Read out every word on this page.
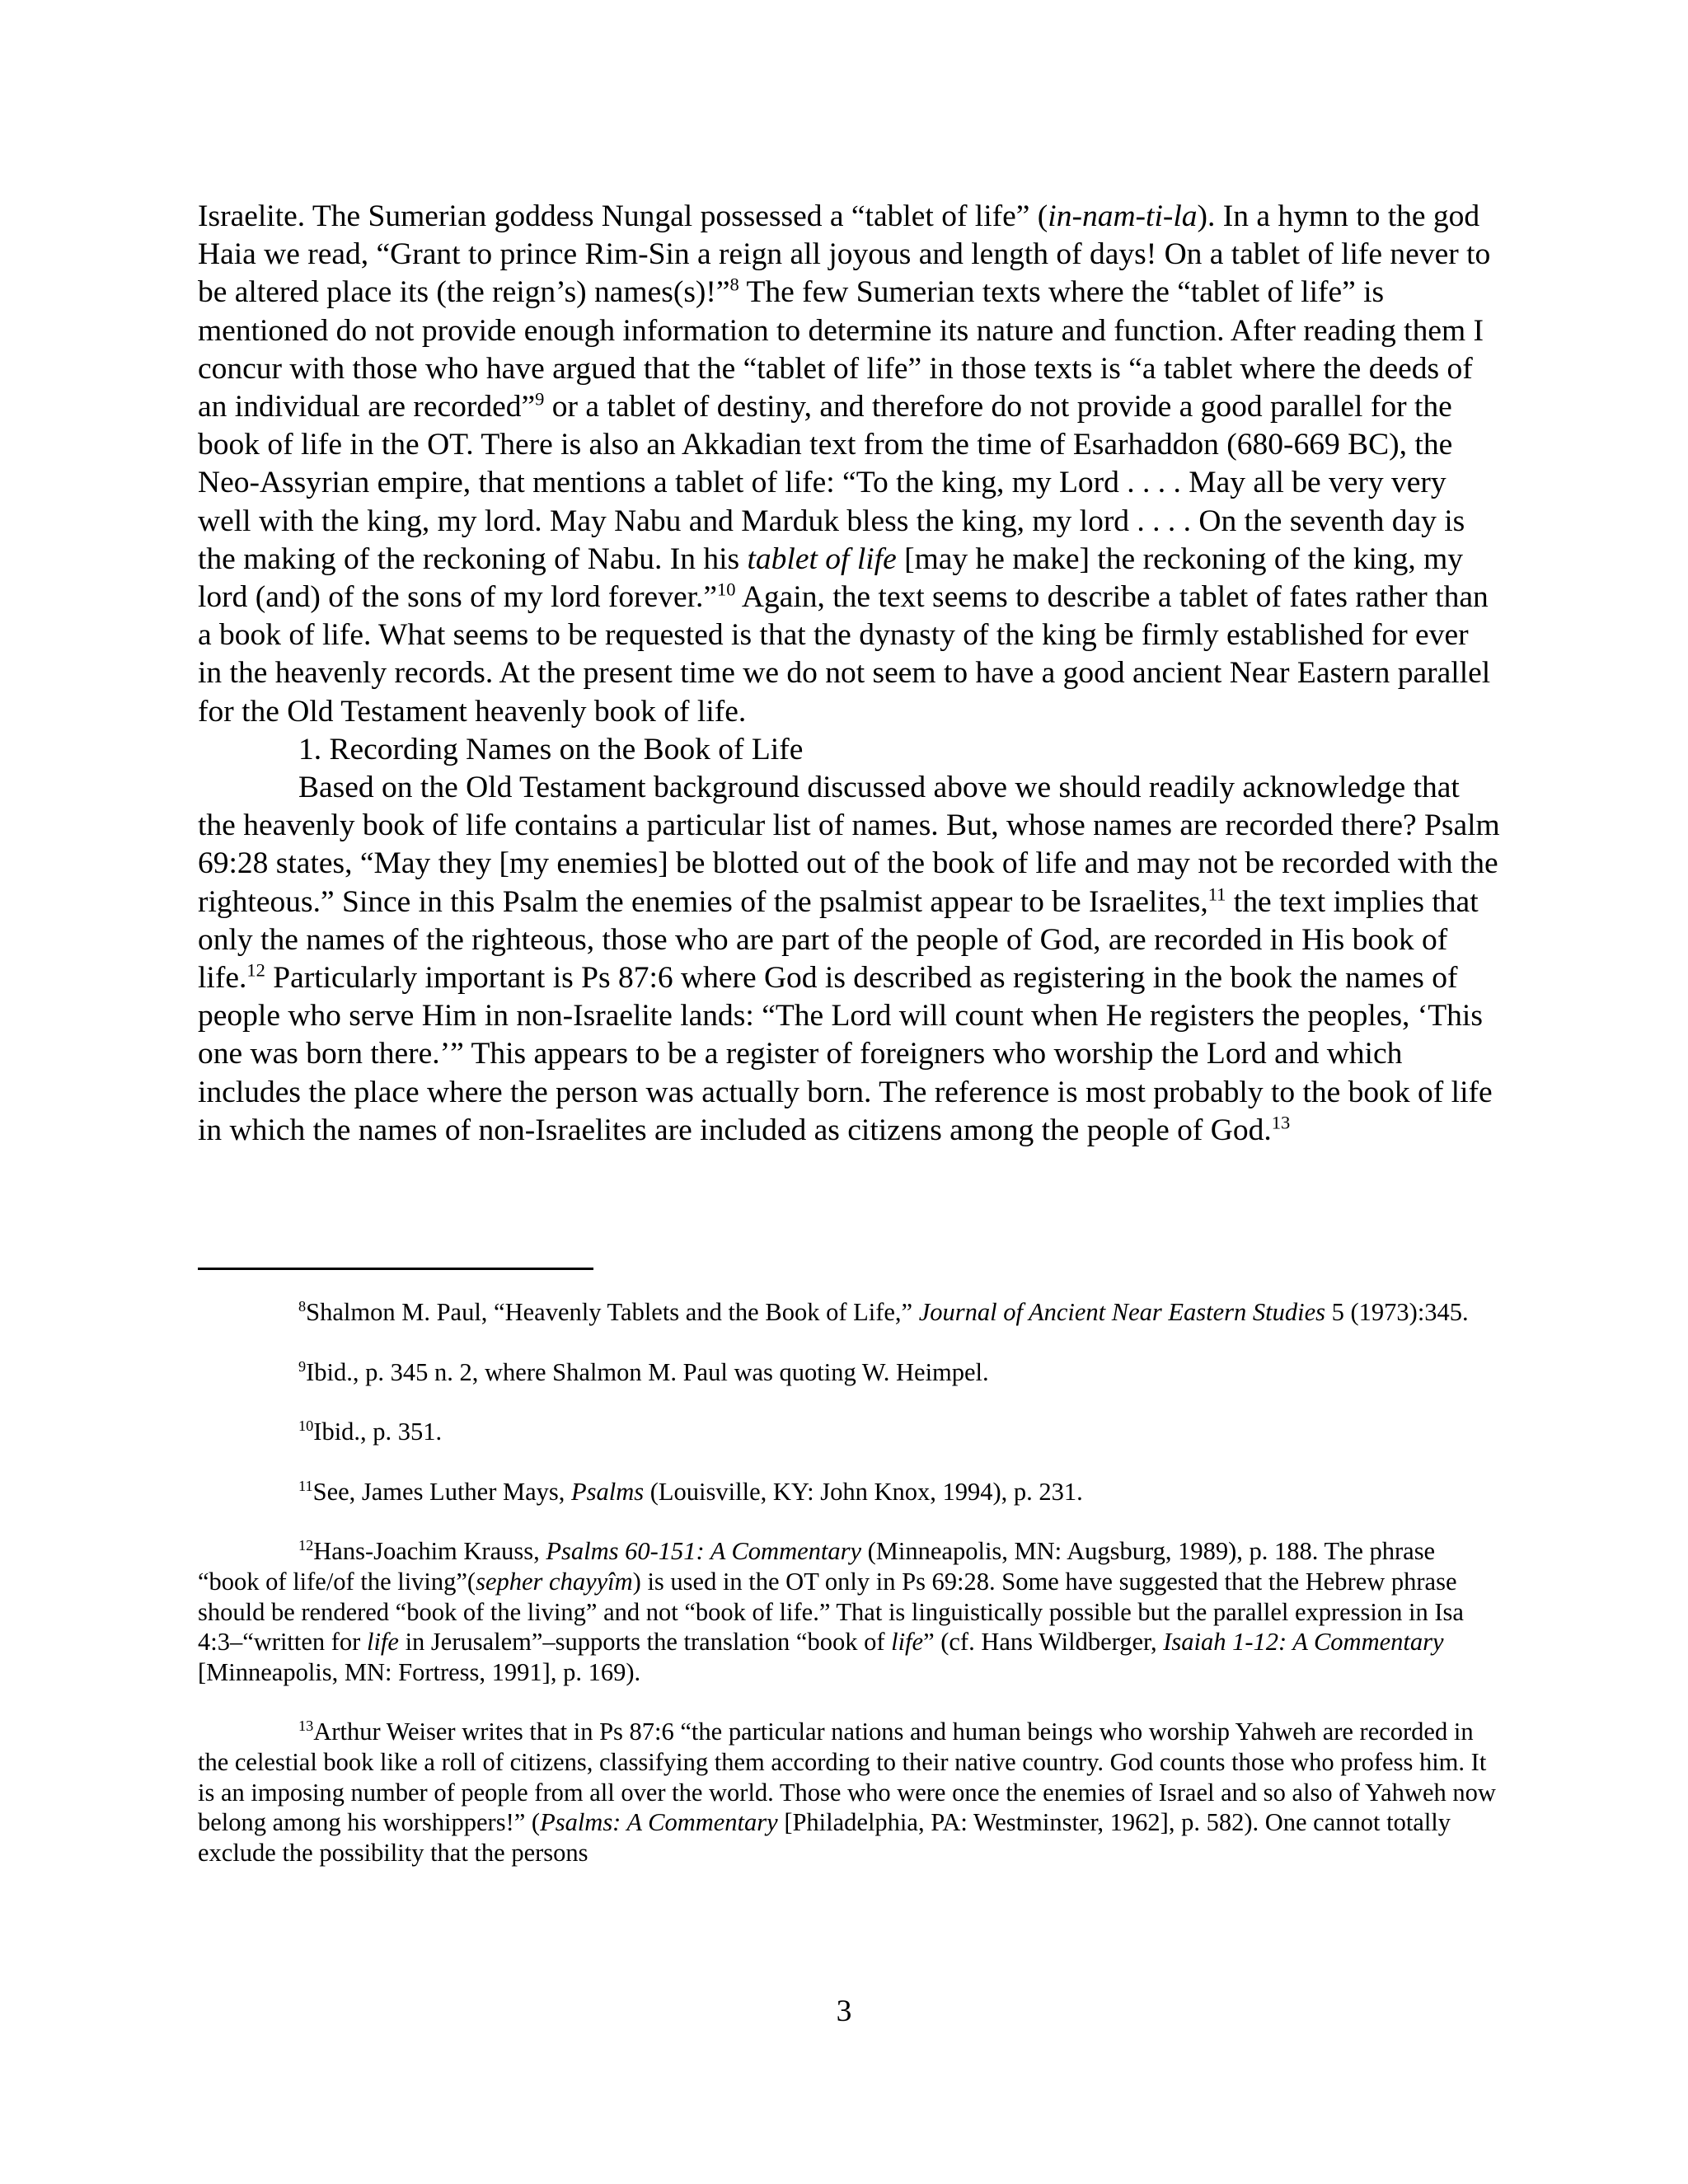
Israelite. The Sumerian goddess Nungal possessed a “tablet of life” (in-nam-ti-la). In a hymn to the god Haia we read, “Grant to prince Rim-Sin a reign all joyous and length of days! On a tablet of life never to be altered place its (the reign’s) names(s)!”$^8$ The few Sumerian texts where the “tablet of life” is mentioned do not provide enough information to determine its nature and function. After reading them I concur with those who have argued that the “tablet of life” in those texts is “a tablet where the deeds of an individual are recorded”$^9$ or a tablet of destiny, and therefore do not provide a good parallel for the book of life in the OT. There is also an Akkadian text from the time of Esarhaddon (680-669 BC), the Neo-Assyrian empire, that mentions a tablet of life: “To the king, my Lord . . . . May all be very very well with the king, my lord. May Nabu and Marduk bless the king, my lord . . . . On the seventh day is the making of the reckoning of Nabu. In his tablet of life [may he make] the reckoning of the king, my lord (and) of the sons of my lord forever.”$^{10}$ Again, the text seems to describe a tablet of fates rather than a book of life. What seems to be requested is that the dynasty of the king be firmly established for ever in the heavenly records. At the present time we do not seem to have a good ancient Near Eastern parallel for the Old Testament heavenly book of life.

1. Recording Names on the Book of Life

Based on the Old Testament background discussed above we should readily acknowledge that the heavenly book of life contains a particular list of names. But, whose names are recorded there? Psalm 69:28 states, “May they [my enemies] be blotted out of the book of life and may not be recorded with the righteous.” Since in this Psalm the enemies of the psalmist appear to be Israelites,$^{11}$ the text implies that only the names of the righteous, those who are part of the people of God, are recorded in His book of life.$^{12}$ Particularly important is Ps 87:6 where God is described as registering in the book the names of people who serve Him in non-Israelite lands: “The Lord will count when He registers the peoples, ‘This one was born there.’” This appears to be a register of foreigners who worship the Lord and which includes the place where the person was actually born. The reference is most probably to the book of life in which the names of non-Israelites are included as citizens among the people of God.$^{13}$

$^8$Shalmon M. Paul, “Heavenly Tablets and the Book of Life,” Journal of Ancient Near Eastern Studies 5 (1973):345.

$^9$Ibid., p. 345 n. 2, where Shalmon M. Paul was quoting W. Heimpel.

$^{10}$Ibid., p. 351.

$^{11}$See, James Luther Mays, Psalms (Louisville, KY: John Knox, 1994), p. 231.

$^{12}$Hans-Joachim Krauss, Psalms 60-151: A Commentary (Minneapolis, MN: Augsburg, 1989), p. 188. The phrase “book of life/of the living”(sepher chayyîm) is used in the OT only in Ps 69:28. Some have suggested that the Hebrew phrase should be rendered “book of the living” and not “book of life.” That is linguistically possible but the parallel expression in Isa 4:3–“written for life in Jerusalem”–supports the translation “book of life” (cf. Hans Wildberger, Isaiah 1-12: A Commentary [Minneapolis, MN: Fortress, 1991], p. 169).

$^{13}$Arthur Weiser writes that in Ps 87:6 “the particular nations and human beings who worship Yahweh are recorded in the celestial book like a roll of citizens, classifying them according to their native country. God counts those who profess him. It is an imposing number of people from all over the world. Those who were once the enemies of Israel and so also of Yahweh now belong among his worshippers!” (Psalms: A Commentary [Philadelphia, PA: Westminster, 1962], p. 582). One cannot totally exclude the possibility that the persons

3
